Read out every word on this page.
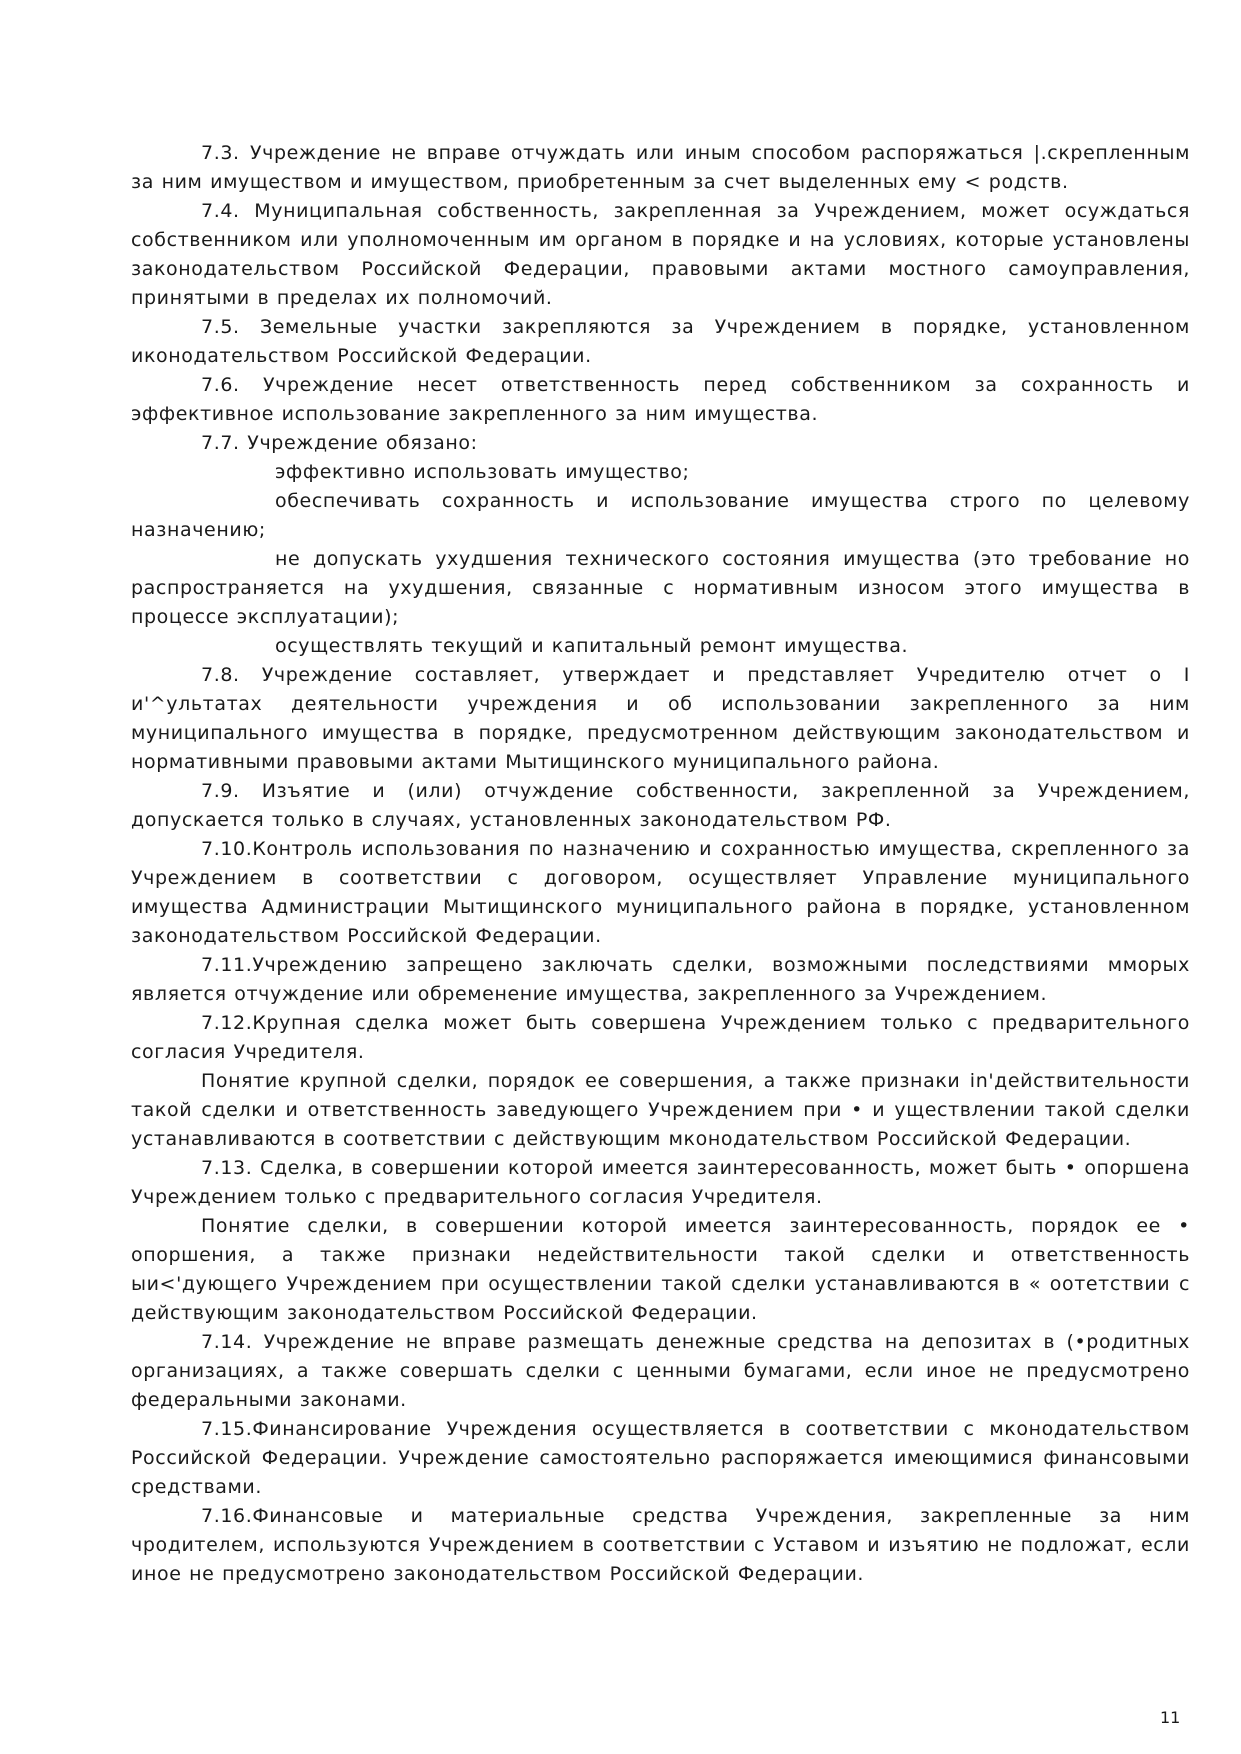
7.3. Учреждение не вправе отчуждать или иным способом распоряжаться |.скрепленным за ним имуществом и имуществом, приобретенным за счет выделенных ему < родств.

7.4. Муниципальная собственность, закрепленная за Учреждением, может осуждаться собственником или уполномоченным им органом в порядке и на условиях, которые установлены законодательством Российской Федерации, правовыми актами мостного самоуправления, принятыми в пределах их полномочий.

7.5. Земельные участки закрепляются за Учреждением в порядке, установленном иконодательством Российской Федерации.

7.6. Учреждение несет ответственность перед собственником за сохранность и эффективное использование закрепленного за ним имущества.

7.7. Учреждение обязано:

эффективно использовать имущество;

обеспечивать сохранность и использование имущества строго по целевому назначению;

не допускать ухудшения технического состояния имущества (это требование но распространяется на ухудшения, связанные с нормативным износом этого имущества в процессе эксплуатации);

осуществлять текущий и капитальный ремонт имущества.

7.8. Учреждение составляет, утверждает и представляет Учредителю отчет о I и'^ультатах деятельности учреждения и об использовании закрепленного за ним муниципального имущества в порядке, предусмотренном действующим законодательством и нормативными правовыми актами Мытищинского муниципального района.

7.9. Изъятие и (или) отчуждение собственности, закрепленной за Учреждением, допускается только в случаях, установленных законодательством РФ.

7.10.Контроль использования по назначению и сохранностью имущества, скрепленного за Учреждением в соответствии с договором, осуществляет Управление муниципального имущества Администрации Мытищинского муниципального района в порядке, установленном законодательством Российской Федерации.

7.11.Учреждению запрещено заключать сделки, возможными последствиями мморых является отчуждение или обременение имущества, закрепленного за Учреждением.

7.12.Крупная сделка может быть совершена Учреждением только с предварительного согласия Учредителя.

Понятие крупной сделки, порядок ее совершения, а также признаки in'действительности такой сделки и ответственность заведующего Учреждением при • и уществлении такой сделки устанавливаются в соответствии с действующим мконодательством Российской Федерации.

7.13. Сделка, в совершении которой имеется заинтересованность, может быть • опоршена Учреждением только с предварительного согласия Учредителя.

Понятие сделки, в совершении которой имеется заинтересованность, порядок ее • опоршения, а также признаки недействительности такой сделки и ответственность ыи<'дующего Учреждением при осуществлении такой сделки устанавливаются в « оотетствии с действующим законодательством Российской Федерации.

7.14. Учреждение не вправе размещать денежные средства на депозитах в (•родитных организациях, а также совершать сделки с ценными бумагами, если иное не предусмотрено федеральными законами.

7.15.Финансирование Учреждения осуществляется в соответствии с мконодательством Российской Федерации. Учреждение самостоятельно распоряжается имеющимися финансовыми средствами.

7.16.Финансовые и материальные средства Учреждения, закрепленные за ним чродителем, используются Учреждением в соответствии с Уставом и изъятию не подложат, если иное не предусмотрено законодательством Российской Федерации.

11
